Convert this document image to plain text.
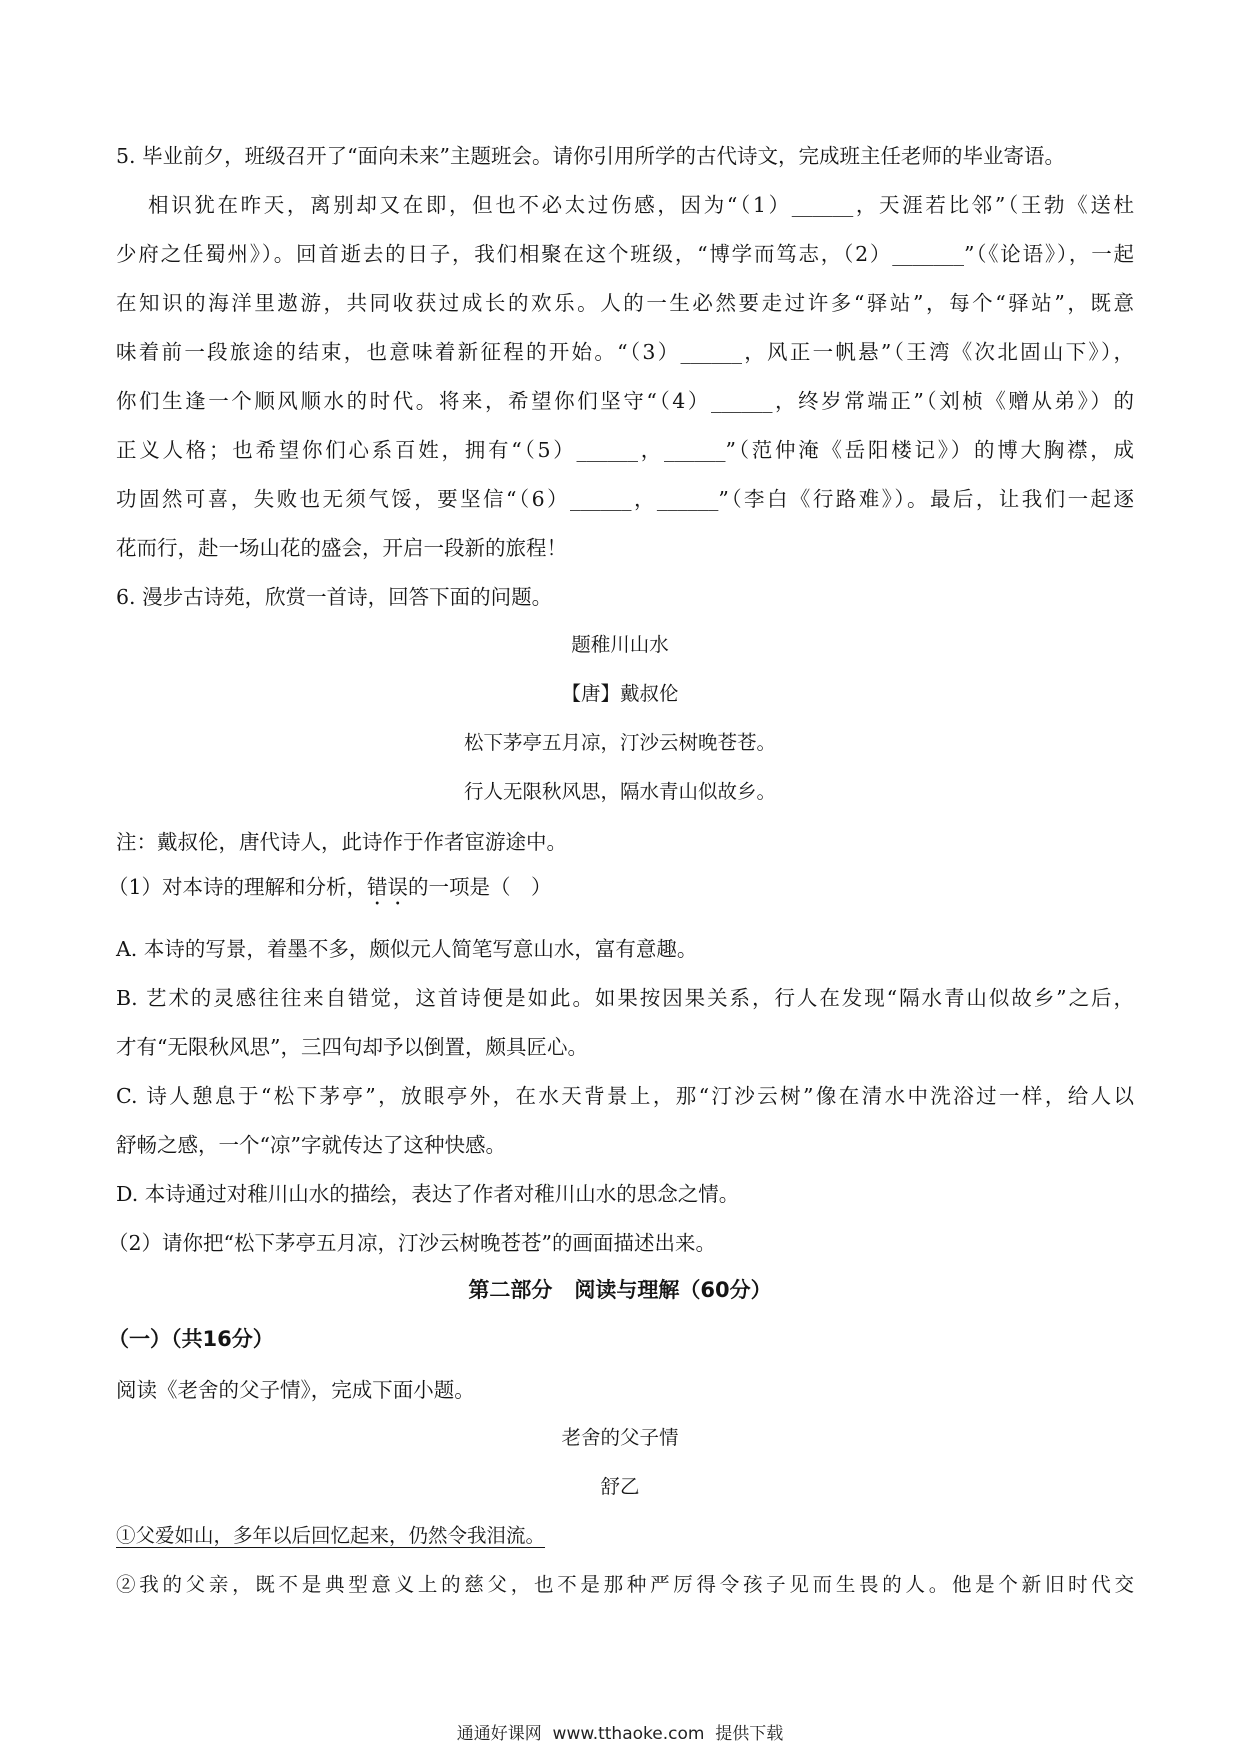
5. 毕业前夕，班级召开了“面向未来”主题班会。请你引用所学的古代诗文，完成班主任老师的毕业寄语。
相识犹在昨天，离别却又在即，但也不必太过伤感，因为“（1）______，天涯若比邻”（王勃《送杜
少府之任蜀州》）。回首逝去的日子，我们相聚在这个班级，“博学而笃志，（2）_______”（《论语》），一起
在知识的海洋里遨游，共同收获过成长的欢乐。人的一生必然要走过许多“驿站”，每个“驿站”，既意
味着前一段旅途的结束，也意味着新征程的开始。“（3）______，风正一帆悬”（王湾《次北固山下》），
你们生逢一个顺风顺水的时代。将来，希望你们坚守“（4）______，终岁常端正”（刘桢《赠从弟》）的
正义人格；也希望你们心系百姓，拥有“（5）______，______”（范仲淹《岳阳楼记》）的博大胸襟，成
功固然可喜，失败也无须气馁，要坚信“（6）______，______”（李白《行路难》）。最后，让我们一起逐
花而行，赴一场山花的盛会，开启一段新的旅程！
6. 漫步古诗苑，欣赏一首诗，回答下面的问题。
题稚川山水
【唐】戴叔伦
松下茅亭五月凉，汀沙云树晚苍苍。
行人无限秋风思，隔水青山似故乡。
注：戴叔伦，唐代诗人，此诗作于作者宦游途中。
（1）对本诗的理解和分析，错误的一项是（　）
A. 本诗的写景，着墨不多，颇似元人简笔写意山水，富有意趣。
B. 艺术的灵感往往来自错觉，这首诗便是如此。如果按因果关系，行人在发现“隔水青山似故乡”之后，
才有“无限秋风思”，三四句却予以倒置，颇具匠心。
C. 诗人憩息于“松下茅亭”，放眼亭外，在水天背景上，那“汀沙云树”像在清水中洗浴过一样，给人以
舒畅之感，一个“凉”字就传达了这种快感。
D. 本诗通过对稚川山水的描绘，表达了作者对稚川山水的思念之情。
（2）请你把“松下茅亭五月凉，汀沙云树晚苍苍”的画面描述出来。
第二部分   阅读与理解（60分）
（一）（共16分）
阅读《老舍的父子情》，完成下面小题。
老舍的父子情
舒乙
①父爱如山，多年以后回忆起来，仍然令我泪流。
②我的父亲，既不是典型意义上的慈父，也不是那种严厉得令孩子见而生畏的人。他是个新旧时代交
通通好课网  www.tthaoke.com  提供下载
